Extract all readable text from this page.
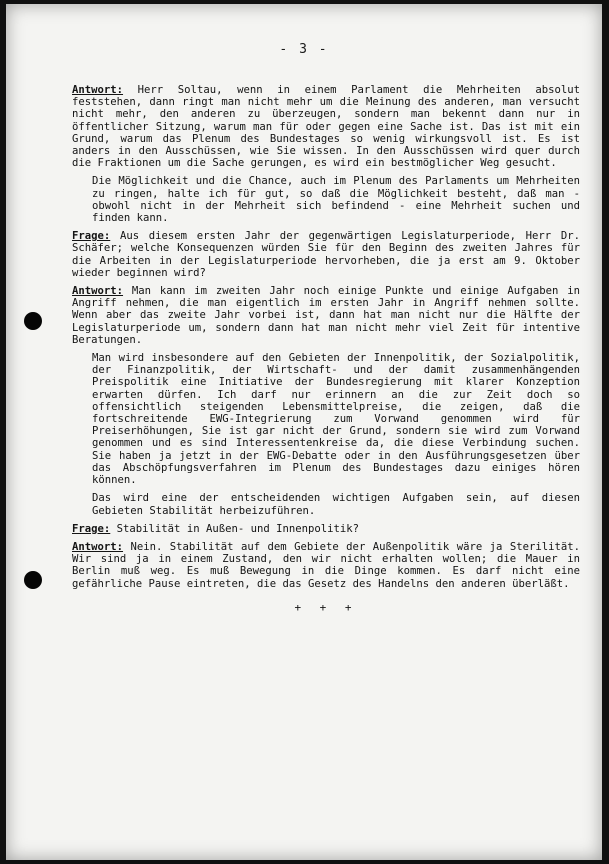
- 3 -

Antwort: Herr Soltau, wenn in einem Parlament die Mehrheiten absolut feststehen, dann ringt man nicht mehr um die Meinung des anderen, man versucht nicht mehr, den anderen zu überzeugen, sondern man bekennt dann nur in öffentlicher Sitzung, warum man für oder gegen eine Sache ist. Das ist mit ein Grund, warum das Plenum des Bundestages so wenig wirkungsvoll ist. Es ist anders in den Ausschüssen, wie Sie wissen. In den Ausschüssen wird quer durch die Fraktionen um die Sache gerungen, es wird ein bestmöglicher Weg gesucht.

Die Möglichkeit und die Chance, auch im Plenum des Parlaments um Mehrheiten zu ringen, halte ich für gut, so daß die Möglichkeit besteht, daß man - obwohl nicht in der Mehrheit sich befindend - eine Mehrheit suchen und finden kann.

Frage: Aus diesem ersten Jahr der gegenwärtigen Legislaturperiode, Herr Dr. Schäfer; welche Konsequenzen würden Sie für den Beginn des zweiten Jahres für die Arbeiten in der Legislaturperiode hervorheben, die ja erst am 9. Oktober wieder beginnen wird?

Antwort: Man kann im zweiten Jahr noch einige Punkte und einige Aufgaben in Angriff nehmen, die man eigentlich im ersten Jahr in Angriff nehmen sollte. Wenn aber das zweite Jahr vorbei ist, dann hat man nicht nur die Hälfte der Legislaturperiode um, sondern dann hat man nicht mehr viel Zeit für intentive Beratungen.

Man wird insbesondere auf den Gebieten der Innenpolitik, der Sozialpolitik, der Finanzpolitik, der Wirtschaft- und der damit zusammenhängenden Preispolitik eine Initiative der Bundesregierung mit klarer Konzeption erwarten dürfen. Ich darf nur erinnern an die zur Zeit doch so offensichtlich steigenden Lebensmittelpreise, die zeigen, daß die fortschreitende EWG-Integrierung zum Vorwand genommen wird für Preiserhöhungen, Sie ist gar nicht der Grund, sondern sie wird zum Vorwand genommen und es sind Interessentenkreise da, die diese Verbindung suchen. Sie haben ja jetzt in der EWG-Debatte oder in den Ausführungsgesetzen über das Abschöpfungsverfahren im Plenum des Bundestages dazu einiges hören können.

Das wird eine der entscheidenden wichtigen Aufgaben sein, auf diesen Gebieten Stabilität herbeizuführen.

Frage: Stabilität in Außen- und Innenpolitik?

Antwort: Nein. Stabilität auf dem Gebiete der Außenpolitik wäre ja Sterilität. Wir sind ja in einem Zustand, den wir nicht erhalten wollen; die Mauer in Berlin muß weg. Es muß Bewegung in die Dinge kommen. Es darf nicht eine gefährliche Pause eintreten, die das Gesetz des Handelns den anderen überläßt.

+ + +
